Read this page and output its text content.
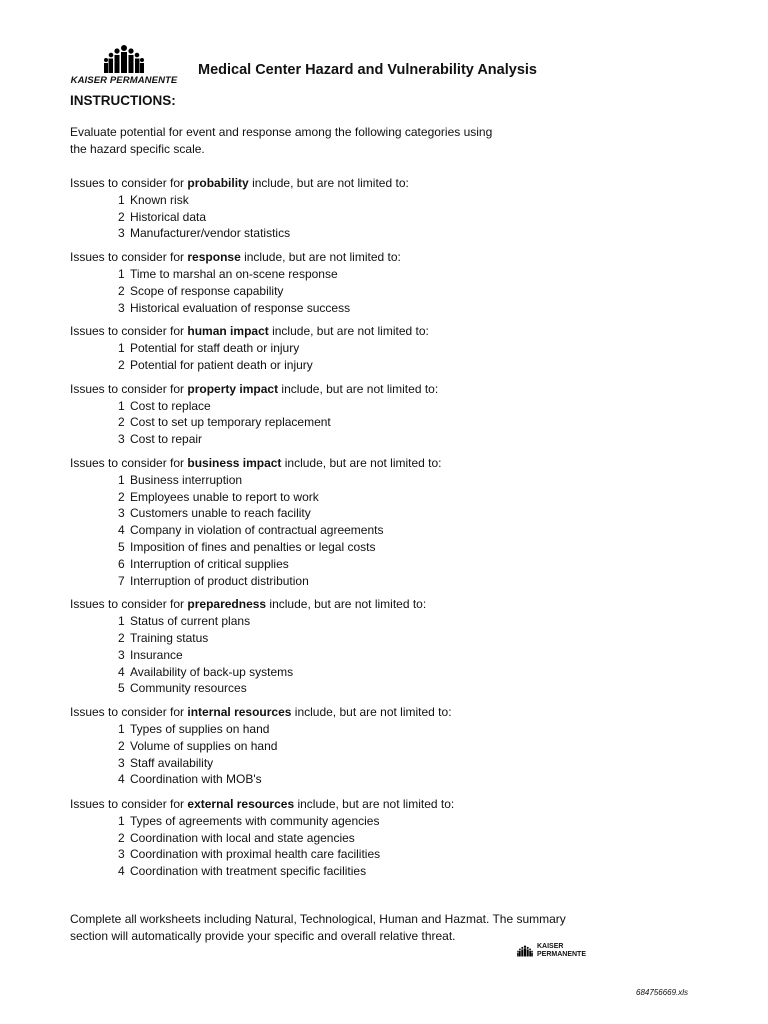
KAISER PERMANENTE
Medical Center Hazard and Vulnerability Analysis
INSTRUCTIONS:
Evaluate potential for event and response among the following categories using
the hazard specific scale.
Issues to consider for probability include, but are not limited to:
1 Known risk
2 Historical data
3 Manufacturer/vendor statistics
Issues to consider for response include, but are not limited to:
1 Time to marshal an on-scene response
2 Scope of response capability
3 Historical evaluation of response success
Issues to consider for human impact include, but are not limited to:
1 Potential for staff death or injury
2 Potential for patient death or injury
Issues to consider for property impact include, but are not limited to:
1 Cost to replace
2 Cost to set up temporary replacement
3 Cost to repair
Issues to consider for business impact include, but are not limited to:
1 Business interruption
2 Employees unable to report to work
3 Customers unable to reach facility
4 Company in violation of contractual agreements
5 Imposition of fines and penalties or legal costs
6 Interruption of critical supplies
7 Interruption of product distribution
Issues to consider for preparedness include, but are not limited to:
1 Status of current plans
2 Training status
3 Insurance
4 Availability of back-up systems
5 Community resources
Issues to consider for internal resources include, but are not limited to:
1 Types of supplies on hand
2 Volume of supplies on hand
3 Staff availability
4 Coordination with MOB's
Issues to consider for external resources include, but are not limited to:
1 Types of agreements with community agencies
2 Coordination with local and state agencies
3 Coordination with proximal health care facilities
4 Coordination with treatment specific facilities
Complete all worksheets including Natural, Technological, Human and Hazmat. The summary
section will automatically provide your specific and overall relative threat.
KAISER
PERMANENTE
684756669.xls
